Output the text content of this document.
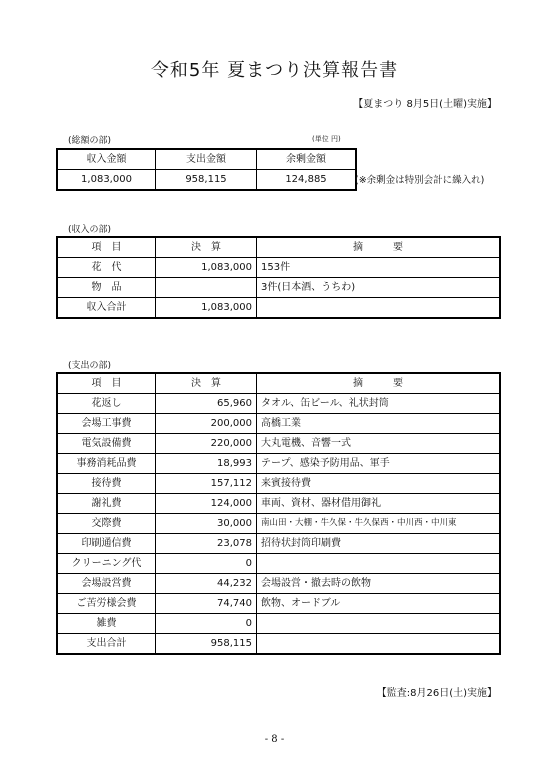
令和5年 夏まつり決算報告書
【夏まつり 8月5日(土曜)実施】
(総額の部)	(単位 円)
収入金額	支出金額	余剰金額
1,083,000	958,115	124,885	(※余剰金は特別会計に繰入れ)
(収入の部)
項　目	決　算	摘　　　要
花　代	1,083,000	153件
物　品		3件(日本酒、うちわ)
収入合計	1,083,000	
(支出の部)
項　目	決　算	摘　　　要
花返し	65,960	タオル、缶ビール、礼状封筒
会場工事費	200,000	高橋工業
電気設備費	220,000	大丸電機、音響一式
事務消耗品費	18,993	テープ、感染予防用品、軍手
接待費	157,112	来賓接待費
謝礼費	124,000	車両、資材、器材借用御礼
交際費	30,000	南山田・大棚・牛久保・牛久保西・中川西・中川東
印刷通信費	23,078	招待状封筒印刷費
クリーニング代	0	
会場設営費	44,232	会場設営・撤去時の飲物
ご苦労様会費	74,740	飲物、オードブル
雑費	0	
支出合計	958,115	
【監査:8月26日(土)実施】
- 8 -
